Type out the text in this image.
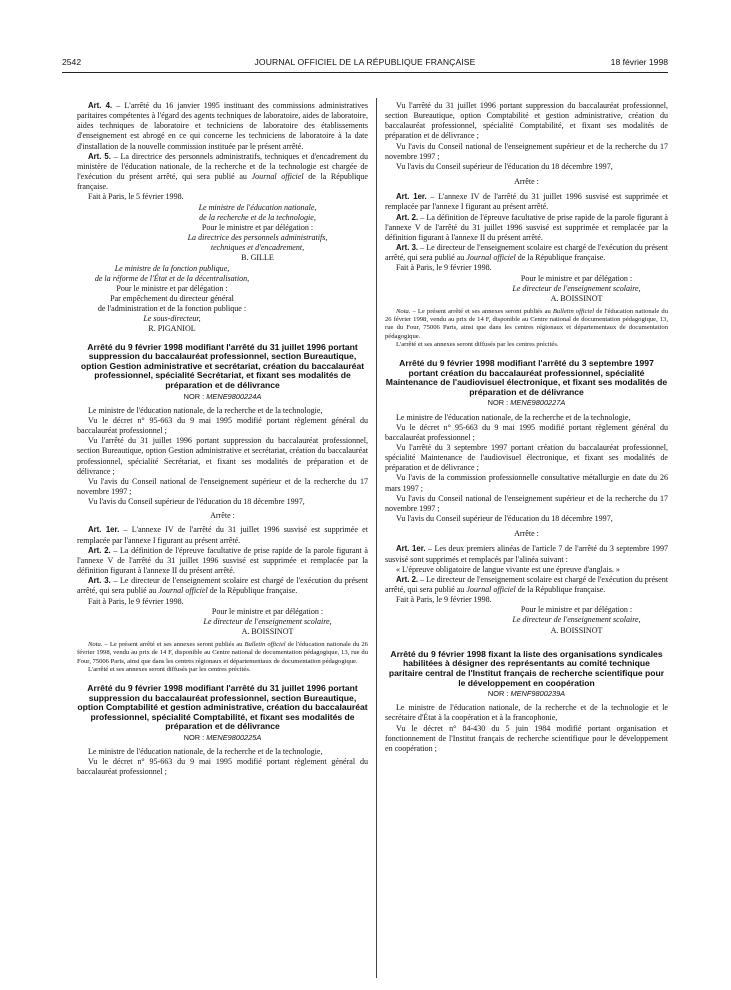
2542	JOURNAL OFFICIEL DE LA RÉPUBLIQUE FRANÇAISE	18 février 1998

Art. 4. – L'arrêté du 16 janvier 1995 instituant des commissions administratives paritaires compétentes à l'égard des agents techniques de laboratoire, aides de laboratoire, aides techniques de laboratoire et techniciens de laboratoire des établissements d'enseignement est abrogé en ce qui concerne les techniciens de laboratoire à la date d'installation de la nouvelle commission instituée par le présent arrêté.

Art. 5. – La directrice des personnels administratifs, techniques et d'encadrement du ministère de l'éducation nationale, de la recherche et de la technologie est chargée de l'exécution du présent arrêté, qui sera publié au Journal officiel de la République française.

Fait à Paris, le 5 février 1998.

Le ministre de l'éducation nationale,
de la recherche et de la technologie,
Pour le ministre et par délégation :
La directrice des personnels administratifs,
techniques et d'encadrement,
B. GILLE
Le ministre de la fonction publique,
de la réforme de l'État et de la décentralisation,
Pour le ministre et par délégation :
Par empêchement du directeur général
de l'administration et de la fonction publique :
Le sous-directeur,
R. PIGANIOL

Arrêté du 9 février 1998 modifiant l'arrêté du 31 juillet 1996 portant suppression du baccalauréat professionnel, section Bureautique, option Gestion administrative et secrétariat, création du baccalauréat professionnel, spécialité Secrétariat, et fixant ses modalités de préparation et de délivrance

NOR : MENE9800224A

Le ministre de l'éducation nationale, de la recherche et de la technologie,

Vu le décret n° 95-663 du 9 mai 1995 modifié portant règlement général du baccalauréat professionnel ;

Vu l'arrêté du 31 juillet 1996 portant suppression du baccalauréat professionnel, section Bureautique, option Gestion administrative et secrétariat, création du baccalauréat professionnel, spécialité Secrétariat, et fixant ses modalités de préparation et de délivrance ;

Vu l'avis du Conseil national de l'enseignement supérieur et de la recherche du 17 novembre 1997 ;

Vu l'avis du Conseil supérieur de l'éducation du 18 décembre 1997,

Arrête :

Art. 1er. – L'annexe IV de l'arrêté du 31 juillet 1996 susvisé est supprimée et remplacée par l'annexe I figurant au présent arrêté.

Art. 2. – La définition de l'épreuve facultative de prise rapide de la parole figurant à l'annexe V de l'arrêté du 31 juillet 1996 susvisé est supprimée et remplacée par la définition figurant à l'annexe II du présent arrêté.

Art. 3. – Le directeur de l'enseignement scolaire est chargé de l'exécution du présent arrêté, qui sera publié au Journal officiel de la République française.

Fait à Paris, le 9 février 1998.

Pour le ministre et par délégation :
Le directeur de l'enseignement scolaire,
A. BOISSINOT

Nota. – Le présent arrêté et ses annexes seront publiés au Bulletin officiel de l'éducation nationale du 26 février 1998, vendu au prix de 14 F, disponible au Centre national de documentation pédagogique, 13, rue du Four, 75006 Paris, ainsi que dans les centres régionaux et départementaux de documentation pédagogique.

L'arrêté et ses annexes seront diffusés par les centres précités.

Arrêté du 9 février 1998 modifiant l'arrêté du 31 juillet 1996 portant suppression du baccalauréat professionnel, section Bureautique, option Comptabilité et gestion administrative, création du baccalauréat professionnel, spécialité Comptabilité, et fixant ses modalités de préparation et de délivrance

NOR : MENE9800225A

Le ministre de l'éducation nationale, de la recherche et de la technologie,

Vu le décret n° 95-663 du 9 mai 1995 modifié portant règlement général du baccalauréat professionnel ;

Vu l'arrêté du 31 juillet 1996 portant suppression du baccalauréat professionnel, section Bureautique, option Comptabilité et gestion administrative, création du baccalauréat professionnel, spécialité Comptabilité, et fixant ses modalités de préparation et de délivrance ;

Vu l'avis du Conseil national de l'enseignement supérieur et de la recherche du 17 novembre 1997 ;

Vu l'avis du Conseil supérieur de l'éducation du 18 décembre 1997,

Arrête :

Art. 1er. – L'annexe IV de l'arrêté du 31 juillet 1996 susvisé est supprimée et remplacée par l'annexe I figurant au présent arrêté.

Art. 2. – La définition de l'épreuve facultative de prise rapide de la parole figurant à l'annexe V de l'arrêté du 31 juillet 1996 susvisé est supprimée et remplacée par la définition figurant à l'annexe II du présent arrêté.

Art. 3. – Le directeur de l'enseignement scolaire est chargé de l'exécution du présent arrêté, qui sera publié au Journal officiel de la République française.

Fait à Paris, le 9 février 1998.

Pour le ministre et par délégation :
Le directeur de l'enseignement scolaire,
A. BOISSINOT

Nota. – Le présent arrêté et ses annexes seront publiés au Bulletin officiel de l'éducation nationale du 26 février 1998, vendu au prix de 14 F, disponible au Centre national de documentation pédagogique, 13, rue du Four, 75006 Paris, ainsi que dans les centres régionaux et départementaux de documentation pédagogique.

L'arrêté et ses annexes seront diffusés par les centres précités.

Arrêté du 9 février 1998 modifiant l'arrêté du 3 septembre 1997 portant création du baccalauréat professionnel, spécialité Maintenance de l'audiovisuel électronique, et fixant ses modalités de préparation et de délivrance

NOR : MENE9800227A

Le ministre de l'éducation nationale, de la recherche et de la technologie,

Vu le décret n° 95-663 du 9 mai 1995 modifié portant règlement général du baccalauréat professionnel ;

Vu l'arrêté du 3 septembre 1997 portant création du baccalauréat professionnel, spécialité Maintenance de l'audiovisuel électronique, et fixant ses modalités de préparation et de délivrance ;

Vu l'avis de la commission professionnelle consultative métallurgie en date du 26 mars 1997 ;

Vu l'avis du Conseil national de l'enseignement supérieur et de la recherche du 17 novembre 1997 ;

Vu l'avis du Conseil supérieur de l'éducation du 18 décembre 1997,

Arrête :

Art. 1er. – Les deux premiers alinéas de l'article 7 de l'arrêté du 3 septembre 1997 susvisé sont supprimés et remplacés par l'alinéa suivant :

« L'épreuve obligatoire de langue vivante est une épreuve d'anglais. »

Art. 2. – Le directeur de l'enseignement scolaire est chargé de l'exécution du présent arrêté, qui sera publié au Journal officiel de la République française.

Fait à Paris, le 9 février 1998.

Pour le ministre et par délégation :
Le directeur de l'enseignement scolaire,
A. BOISSINOT

Arrêté du 9 février 1998 fixant la liste des organisations syndicales habilitées à désigner des représentants au comité technique paritaire central de l'Institut français de recherche scientifique pour le développement en coopération

NOR : MENF9800239A

Le ministre de l'éducation nationale, de la recherche et de la technologie et le secrétaire d'État à la coopération et à la francophonie,

Vu le décret n° 84-430 du 5 juin 1984 modifié portant organisation et fonctionnement de l'Institut français de recherche scientifique pour le développement en coopération ;
